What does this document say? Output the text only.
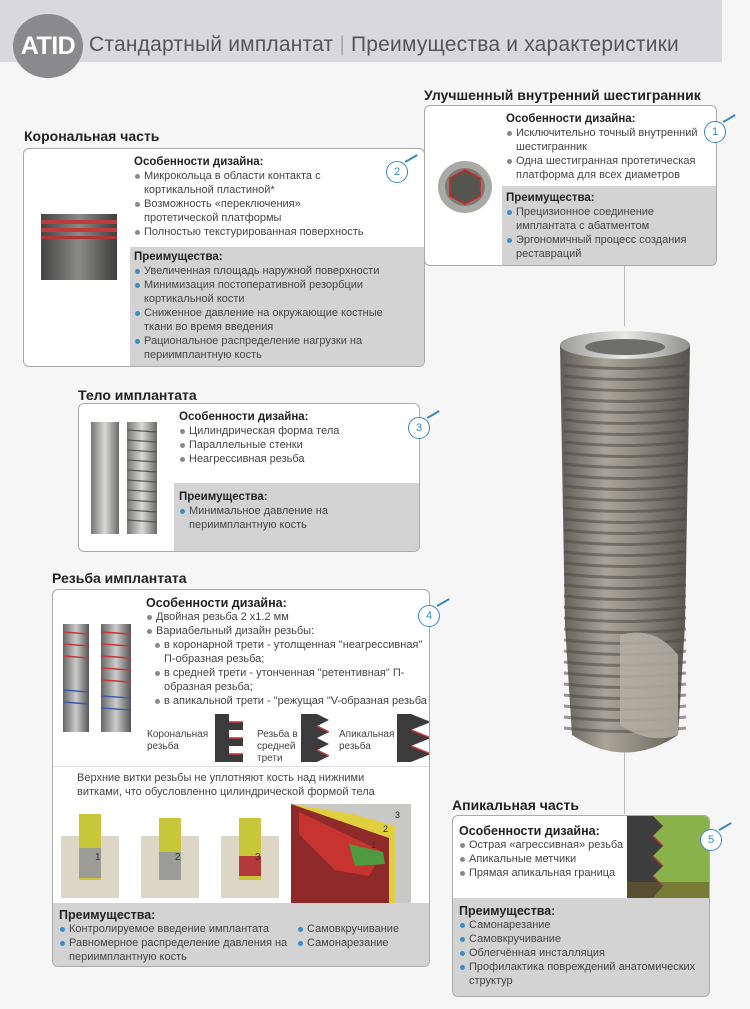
ATID Стандартный имплантат | Преимущества и характеристики
Улучшенный внутренний шестигранник
Особенности дизайна:
Исключительно точный внутренний шестигранник
Одна шестигранная протетическая платформа для всех диаметров
Преимущества:
Прецизионное соединение имплантата с абатментом
Эргономичный процесс создания реставраций
1
Корональная часть
Особенности дизайна:
Микрокольца в области контакта с кортикальной пластиной*
Возможность «переключения» протетической платформы
Полностью текстурированная поверхность
Преимущества:
Увеличенная площадь наружной поверхности
Минимизация постоперативной резорбции кортикальной кости
Сниженное давление на окружающие костные ткани во время введения
Рациональное распределение нагрузки на периимплантную кость
2
Тело имплантата
Особенности дизайна:
Цилиндрическая форма тела
Параллельные стенки
Неагрессивная резьба
Преимущества:
Минимальное давление на периимплантную кость
3
Резьба имплантата
Особенности дизайна:
Двойная резьба 2 х1.2 мм
Вариабельный дизайн резьбы:
в коронарной трети - утолщенная "неагрессивная" П-образная резьба;
в средней трети - утонченная "ретентивная" П-образная резьба;
в апикальной трети - "режущая "V-образная резьба
Корональная резьба
Резьба в средней трети
Апикальная резьба
Верхние витки резьбы не уплотняют кость над нижними витками, что обусловленно цилиндрической формой тела
1	2	3
3
2
1
Преимущества:
Контролируемое введение имплантата
Равномерное распределение давления на периимплантную кость
Самовкручивание
Самонарезание
4
Апикальная часть
Особенности дизайна:
Острая «агрессивная» резьба
Апикальные метчики
Прямая апикальная граница
Преимущества:
Самонарезание
Самовкручивание
Облегчённая инсталляция
Профилактика повреждений анатомических структур
5
